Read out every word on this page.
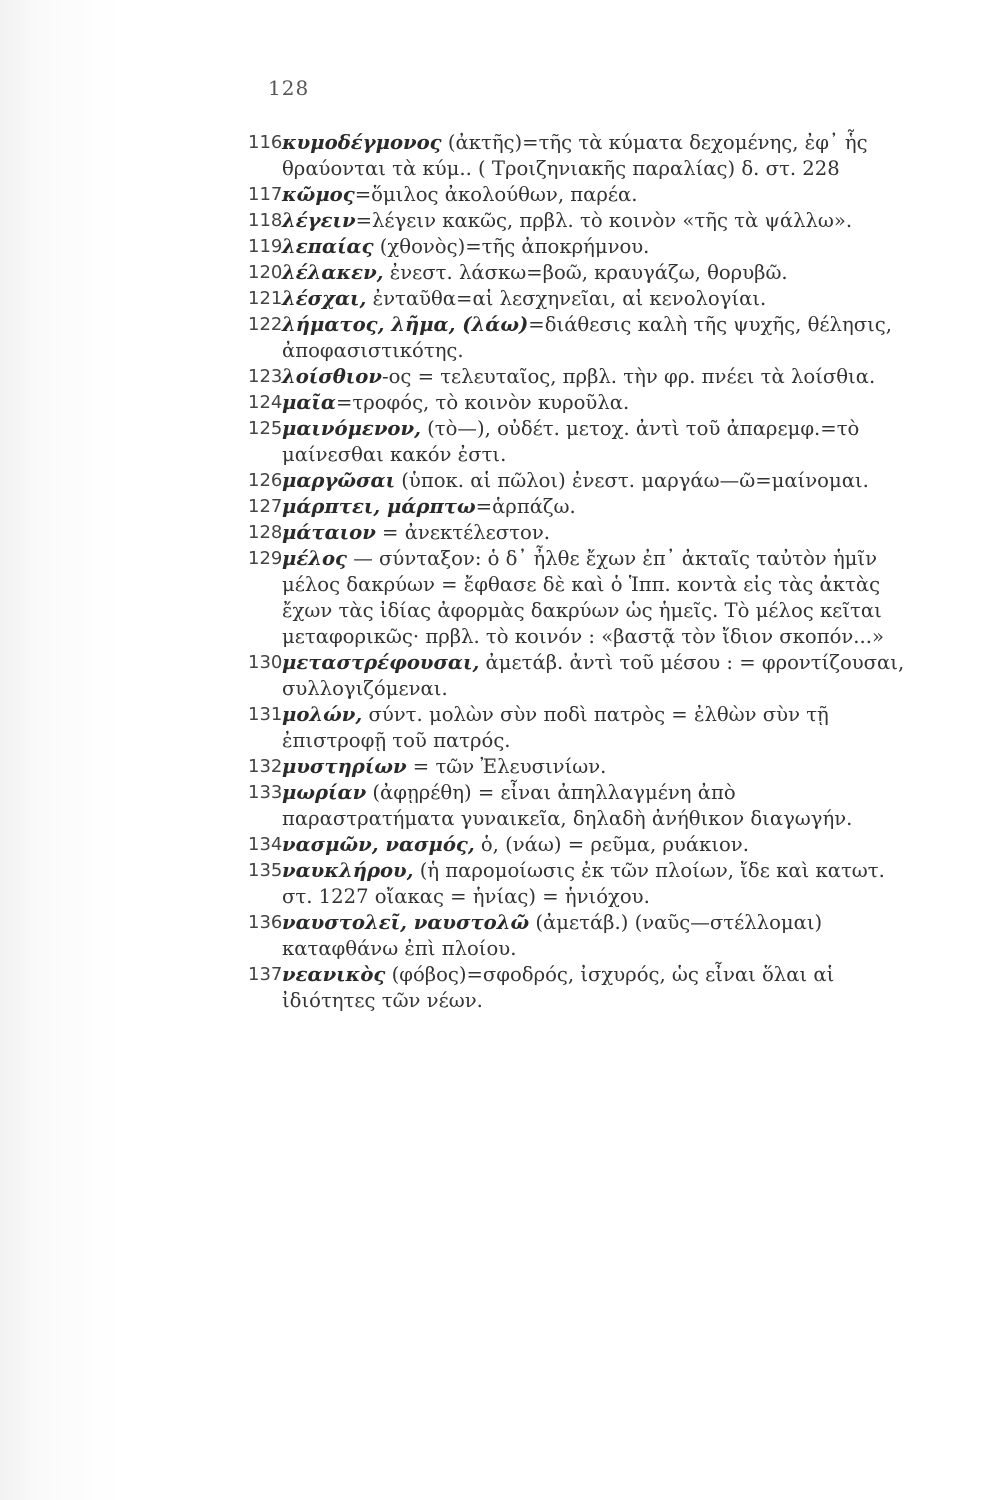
128
116 κυμοδέγμονος (ἀκτῆς)=τῆς τὰ κύματα δεχομένης, ἐφ᾽ ἧς θραύονται τὰ κύμ.. ( Τροιζηνιακῆς παραλίας) δ. στ. 228
117 κῶμος=ὅμιλος ἀκολούθων, παρέα.
118 λέγειν=λέγειν κακῶς, πρβλ. τὸ κοινὸν «τῆς τὰ ψάλλω».
119 λεπαίας (χθονὸς)=τῆς ἀποκρήμνου.
120 λέλακεν, ἐνεστ. λάσκω=βοῶ, κραυγάζω, θορυβῶ.
121 λέσχαι, ἐνταῦθα=αἱ λεσχηνεῖαι, αἱ κενολογίαι.
122 λήματος, λῆμα, (λάω)=διάθεσις καλὴ τῆς ψυχῆς, θέλησις, ἀποφασιστικότης.
123 λοίσθιον-ος = τελευταῖος, πρβλ. τὴν φρ. πνέει τὰ λοίσθια.
124 μαῖα=τροφός, τὸ κοινὸν κυροῦλα.
125 μαινόμενον, (τὸ—), οὐδέτ. μετοχ. ἀντὶ τοῦ ἀπαρεμφ.=τὸ μαίνεσθαι κακόν ἐστι.
126 μαργῶσαι (ὑποκ. αἱ πῶλοι) ἐνεστ. μαργάω—ῶ=μαίνομαι.
127 μάρπτει, μάρπτω=ἁρπάζω.
128 μάταιον = ἀνεκτέλεστον.
129 μέλος — σύνταξον: ὁ δ᾽ ἦλθε ἔχων ἐπ᾽ ἀκταῖς ταὐτὸν ἡμῖν μέλος δακρύων = ἔφθασε δὲ καὶ ὁ Ἱππ. κοντὰ εἰς τὰς ἀκτὰς ἔχων τὰς ἰδίας ἀφορμὰς δακρύων ὡς ἡμεῖς. Τὸ μέλος κεῖται μεταφορικῶς· πρβλ. τὸ κοινόν : «βαστᾷ τὸν ἴδιον σκοπόν...»
130 μεταστρέφουσαι, ἀμετάβ. ἀντὶ τοῦ μέσου : = φροντίζουσαι, συλλογιζόμεναι.
131 μολών, σύντ. μολὼν σὺν ποδὶ πατρὸς = ἐλθὼν σὺν τῇ ἐπιστροφῇ τοῦ πατρός.
132 μυστηρίων = τῶν Ἐλευσινίων.
133 μωρίαν (ἀφῃρέθη) = εἶναι ἀπηλλαγμένη ἀπὸ παραστρατήματα γυναικεῖα, δηλαδὴ ἀνήθικον διαγωγήν.
134 νασμῶν, νασμός, ὁ, (νάω) = ρεῦμα, ρυάκιον.
135 ναυκλήρου, (ἡ παρομοίωσις ἐκ τῶν πλοίων, ἴδε καὶ κατωτ. στ. 1227 οἴακας = ἡνίας) = ἡνιόχου.
136 ναυστολεῖ, ναυστολῶ (ἀμετάβ.) (ναῦς—στέλλομαι) καταφθάνω ἐπὶ πλοίου.
137 νεανικὸς (φόβος)=σφοδρός, ἰσχυρός, ὡς εἶναι ὅλαι αἱ ἰδιότητες τῶν νέων.
